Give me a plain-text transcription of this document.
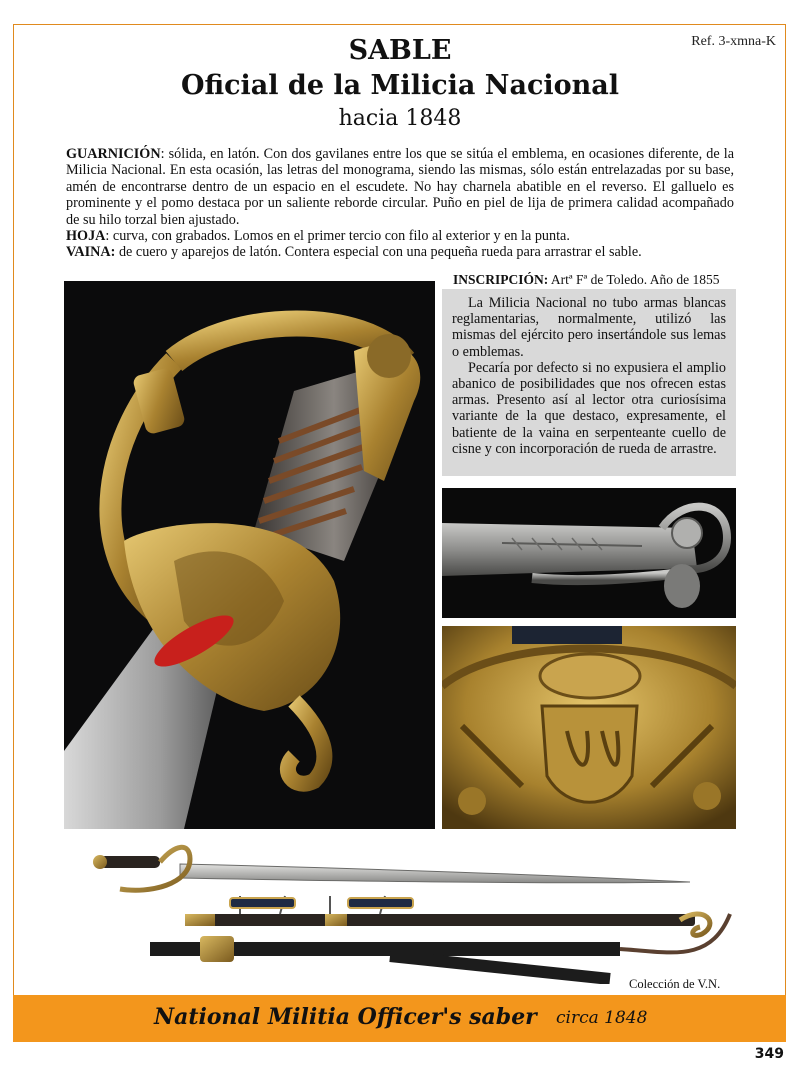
Ref. 3-xmna-K
SABLE
Oficial de la Milicia Nacional
hacia 1848

GUARNICIÓN: sólida, en latón. Con dos gavilanes entre los que se sitúa el emblema, en ocasiones diferente, de la Milicia Nacional. En esta ocasión, las letras del monograma, siendo las mismas, sólo están entrelazadas por su base, amén de encontrarse dentro de un espacio en el escudete. No hay charnela abatible en el reverso. El galluelo es prominente y el pomo destaca por un saliente reborde circular. Puño en piel de lija de primera calidad acompañado de su hilo torzal bien ajustado.

HOJA: curva, con grabados. Lomos en el primer tercio con filo al exterior y en la punta.

VAINA: de cuero y aparejos de latón. Contera especial con una pequeña rueda para arrastrar el sable.

INSCRIPCIÓN: Artª Fª de Toledo. Año de 1855

La Milicia Nacional no tubo armas blancas reglamentarias, normalmente, utilizó las mismas del ejército pero insertándole sus lemas o emblemas.

Pecaría por defecto si no expusiera el amplio abanico de posibilidades que nos ofrecen estas armas. Presento así al lector otra curiosísima variante de la que destaco, expresamente, el batiente de la vaina en serpenteante cuello de cisne y con incorporación de rueda de arrastre.

Colección de V.N.
National Militia Officer's saber circa 1848
349
